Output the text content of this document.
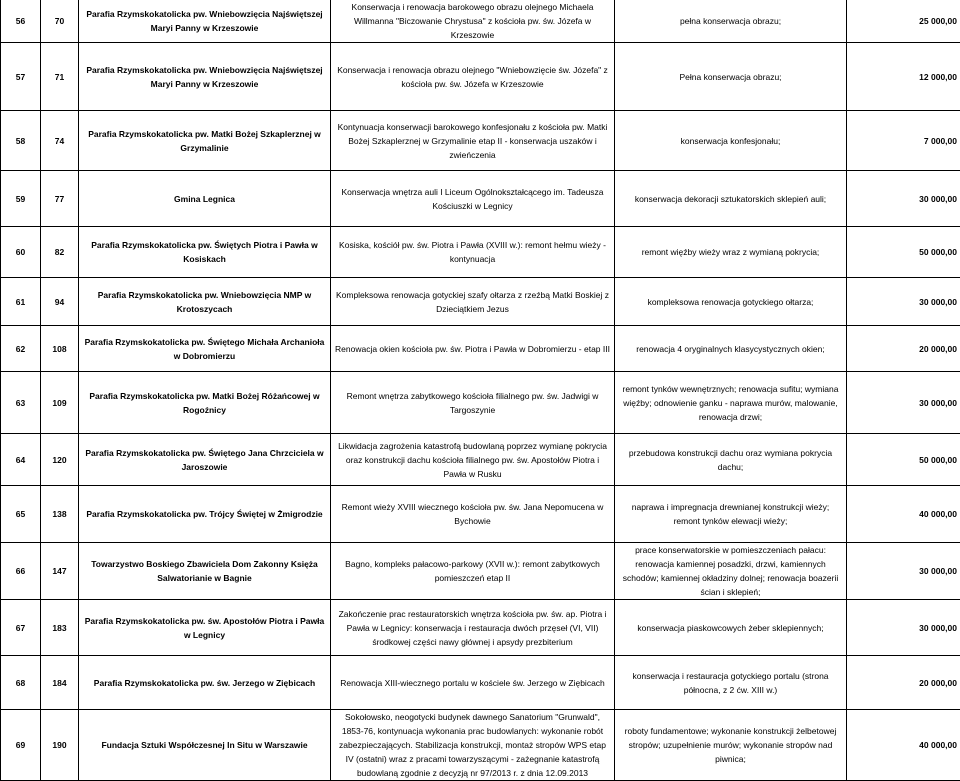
56	70	Parafia Rzymskokatolicka pw. Wniebowzięcia Najświętszej Maryi Panny w Krzeszowie	Konserwacja i renowacja barokowego obrazu olejnego Michaela Willmanna "Biczowanie Chrystusa" z kościoła pw. św. Józefa w Krzeszowie	pełna konserwacja obrazu;	25 000,00
57	71	Parafia Rzymskokatolicka pw. Wniebowzięcia Najświętszej Maryi Panny w Krzeszowie	Konserwacja i renowacja obrazu olejnego "Wniebowzięcie św. Józefa" z kościoła pw. św. Józefa w Krzeszowie	Pełna konserwacja obrazu;	12 000,00
58	74	Parafia Rzymskokatolicka pw. Matki Bożej Szkaplerznej w Grzymalinie	Kontynuacja konserwacji barokowego konfesjonału z kościoła pw. Matki Bożej Szkaplerznej w Grzymalinie etap II - konserwacja uszaków i zwieńczenia	konserwacja konfesjonału;	7 000,00
59	77	Gmina Legnica	Konserwacja wnętrza auli I Liceum Ogólnokształcącego im. Tadeusza Kościuszki w Legnicy	konserwacja dekoracji sztukatorskich sklepień auli;	30 000,00
60	82	Parafia Rzymskokatolicka pw. Świętych Piotra i Pawła w Kosiskach	Kosiska, kościół pw. św. Piotra i Pawła (XVIII w.): remont hełmu wieży - kontynuacja	remont więźby wieży wraz z wymianą pokrycia;	50 000,00
61	94	Parafia Rzymskokatolicka pw. Wniebowzięcia NMP w Krotoszycach	Kompleksowa renowacja gotyckiej szafy ołtarza z rzeźbą Matki Boskiej z Dzieciątkiem Jezus	kompleksowa renowacja gotyckiego ołtarza;	30 000,00
62	108	Parafia Rzymskokatolicka pw. Świętego Michała Archanioła w Dobromierzu	Renowacja okien kościoła pw. św. Piotra i Pawła w Dobromierzu - etap III	renowacja 4 oryginalnych klasycystycznych okien;	20 000,00
63	109	Parafia Rzymskokatolicka pw. Matki Bożej Różańcowej w Rogoźnicy	Remont wnętrza zabytkowego kościoła filialnego pw. św. Jadwigi w Targoszynie	remont tynków wewnętrznych; renowacja sufitu; wymiana więźby; odnowienie ganku - naprawa murów, malowanie, renowacja drzwi;	30 000,00
64	120	Parafia Rzymskokatolicka pw. Świętego Jana Chrzciciela w Jaroszowie	Likwidacja zagrożenia katastrofą budowlaną poprzez wymianę pokrycia oraz konstrukcji dachu kościoła filialnego pw. św. Apostołów Piotra i Pawła w Rusku	przebudowa konstrukcji dachu oraz wymiana pokrycia dachu;	50 000,00
65	138	Parafia Rzymskokatolicka pw. Trójcy Świętej w Żmigrodzie	Remont wieży XVIII wiecznego kościoła pw. św. Jana Nepomucena w Bychowie	naprawa i impregnacja drewnianej konstrukcji wieży; remont tynków elewacji wieży;	40 000,00
66	147	Towarzystwo Boskiego Zbawiciela Dom Zakonny Księża Salwatorianie w Bagnie	Bagno, kompleks pałacowo-parkowy (XVII w.): remont zabytkowych pomieszczeń etap II	prace konserwatorskie w pomieszczeniach pałacu: renowacja kamiennej posadzki, drzwi, kamiennych schodów; kamiennej okładziny dolnej; renowacja boazerii ścian i sklepień;	30 000,00
67	183	Parafia Rzymskokatolicka pw. św. Apostołów Piotra i Pawła w Legnicy	Zakończenie prac restauratorskich wnętrza kościoła pw. św. ap. Piotra i Pawła w Legnicy: konserwacja i restauracja dwóch przęseł (VI, VII) środkowej części nawy głównej i apsydy prezbiterium	konserwacja piaskowcowych żeber sklepiennych;	30 000,00
68	184	Parafia Rzymskokatolicka pw. św. Jerzego w Ziębicach	Renowacja XIII-wiecznego portalu w kościele św. Jerzego w Ziębicach	konserwacja i restauracja gotyckiego portalu (strona północna, z 2 ćw. XIII w.)	20 000,00
69	190	Fundacja Sztuki Współczesnej In Situ w Warszawie	Sokołowsko, neogotycki budynek dawnego Sanatorium "Grunwald", 1853-76, kontynuacja wykonania prac budowlanych: wykonanie robót zabezpieczających. Stabilizacja konstrukcji, montaż stropów WPS etap IV (ostatni) wraz z pracami towarzyszącymi - zażegnanie katastrofą budowlaną zgodnie z decyzją nr 97/2013 r. z dnia 12.09.2013	roboty fundamentowe; wykonanie konstrukcji żelbetowej stropów; uzupełnienie murów; wykonanie stropów nad piwnica;	40 000,00
